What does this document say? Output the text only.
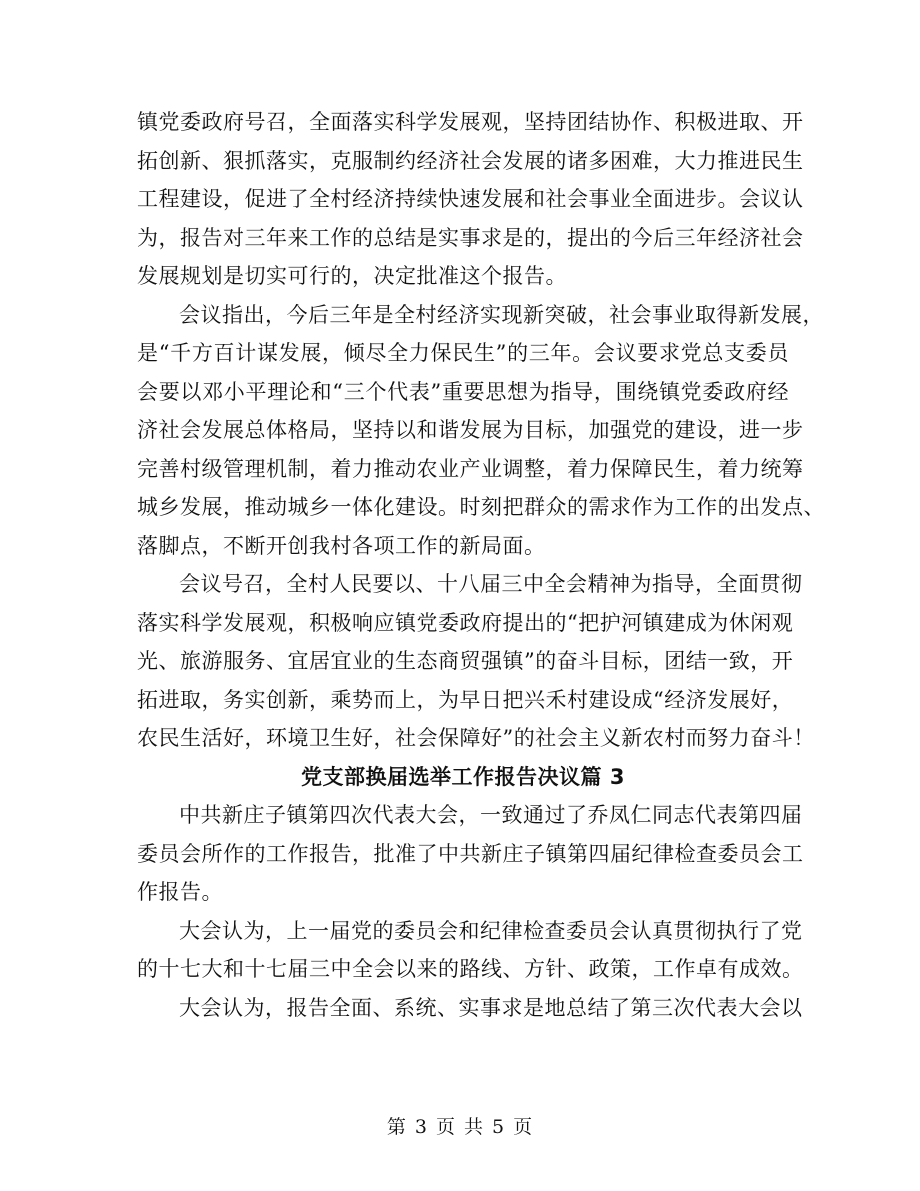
镇党委政府号召，全面落实科学发展观，坚持团结协作、积极进取、开
拓创新、狠抓落实，克服制约经济社会发展的诸多困难，大力推进民生
工程建设，促进了全村经济持续快速发展和社会事业全面进步。会议认
为，报告对三年来工作的总结是实事求是的，提出的今后三年经济社会
发展规划是切实可行的，决定批准这个报告。

会议指出，今后三年是全村经济实现新突破，社会事业取得新发展，
是“千方百计谋发展，倾尽全力保民生”的三年。会议要求党总支委员
会要以邓小平理论和“三个代表”重要思想为指导，围绕镇党委政府经
济社会发展总体格局，坚持以和谐发展为目标，加强党的建设，进一步
完善村级管理机制，着力推动农业产业调整，着力保障民生，着力统筹
城乡发展，推动城乡一体化建设。时刻把群众的需求作为工作的出发点、
落脚点，不断开创我村各项工作的新局面。

会议号召，全村人民要以、十八届三中全会精神为指导，全面贯彻
落实科学发展观，积极响应镇党委政府提出的“把护河镇建成为休闲观
光、旅游服务、宜居宜业的生态商贸强镇”的奋斗目标，团结一致，开
拓进取，务实创新，乘势而上，为早日把兴禾村建设成“经济发展好，
农民生活好，环境卫生好，社会保障好”的社会主义新农村而努力奋斗！

党支部换届选举工作报告决议篇 3

中共新庄子镇第四次代表大会，一致通过了乔凤仁同志代表第四届
委员会所作的工作报告，批准了中共新庄子镇第四届纪律检查委员会工
作报告。

大会认为，上一届党的委员会和纪律检查委员会认真贯彻执行了党
的十七大和十七届三中全会以来的路线、方针、政策，工作卓有成效。

大会认为，报告全面、系统、实事求是地总结了第三次代表大会以

第 3 页 共 5 页
